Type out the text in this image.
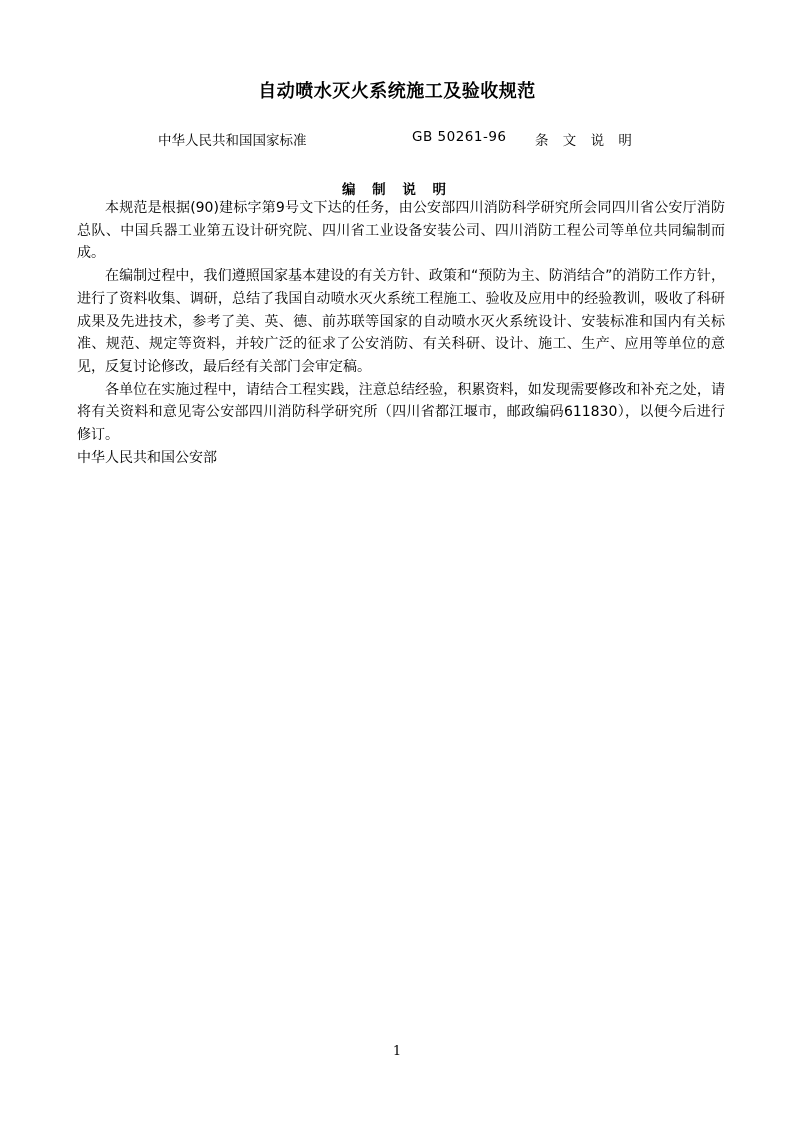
自动喷水灭火系统施工及验收规范
中华人民共和国国家标准	GB 50261-96 条 文 说 明
编 制 说 明

本规范是根据(90)建标字第9号文下达的任务，由公安部四川消防科学研究所会同四川省公安厅消防总队、中国兵器工业第五设计研究院、四川省工业设备安装公司、四川消防工程公司等单位共同编制而成。

在编制过程中，我们遵照国家基本建设的有关方针、政策和“预防为主、防消结合”的消防工作方针，进行了资料收集、调研，总结了我国自动喷水灭火系统工程施工、验收及应用中的经验教训，吸收了科研成果及先进技术，参考了美、英、德、前苏联等国家的自动喷水灭火系统设计、安装标准和国内有关标准、规范、规定等资料，并较广泛的征求了公安消防、有关科研、设计、施工、生产、应用等单位的意见，反复讨论修改，最后经有关部门会审定稿。

各单位在实施过程中，请结合工程实践，注意总结经验，积累资料，如发现需要修改和补充之处，请将有关资料和意见寄公安部四川消防科学研究所（四川省都江堰市，邮政编码611830），以便今后进行修订。

中华人民共和国公安部

1
